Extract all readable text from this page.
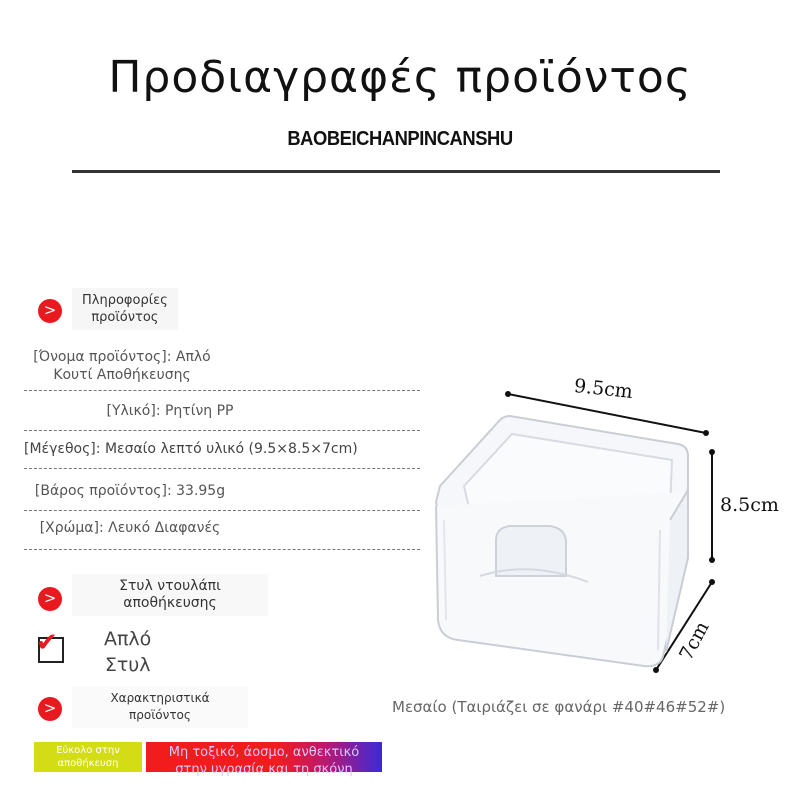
Προδιαγραφές προϊόντος
BAOBEICHANPINCANSHU
>
Πληροφορίες
προϊόντος
[Όνομα προϊόντος]: Απλό
Κουτί Αποθήκευσης
[Υλικό]: Ρητίνη PP
[Μέγεθος]: Μεσαίο λεπτό υλικό (9.5×8.5×7cm)
[Βάρος προϊόντος]: 33.95g
[Χρώμα]: Λευκό Διαφανές
>
Στυλ ντουλάπι
αποθήκευσης
✔ Απλό
Στυλ
>
Χαρακτηριστικά
προϊόντος
Εύκολο στην
αποθήκευση
Μη τοξικό, άοσμο, ανθεκτικό
στην υγρασία και τη σκόνη
9.5cm
8.5cm
7cm
Μεσαίο (Ταιριάζει σε φανάρι #40#46#52#)
